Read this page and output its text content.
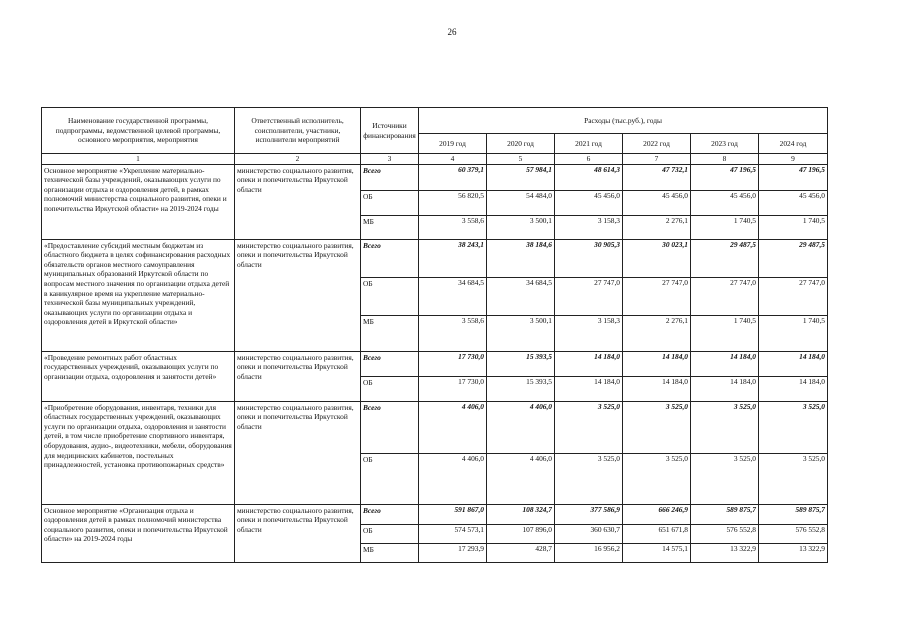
26
Наименование государственной программы, подпрограммы, ведомственной целевой программы, основного мероприятия, мероприятия	Ответственный исполнитель, соисполнители, участники, исполнители мероприятий	Источники финансирования	Расходы (тыс.руб.), годы					
			2019 год	2020 год	2021 год	2022 год	2023 год	2024 год
1	2	3	4	5	6	7	8	9
Основное мероприятие «Укрепление материально-технической базы учреждений, оказывающих услуги по организации отдыха и оздоровления детей, в рамках полномочий министерства социального развития, опеки и попечительства Иркутской области» на 2019-2024 годы	министерство социального развития, опеки и попечительства Иркутской области	Всего	60 379,1	57 984,1	48 614,3	47 732,1	47 196,5	47 196,5
		ОБ	56 820,5	54 484,0	45 456,0	45 456,0	45 456,0	45 456,0
		МБ	3 558,6	3 500,1	3 158,3	2 276,1	1 740,5	1 740,5
«Предоставление субсидий местным бюджетам из областного бюджета в целях софинансирования расходных обязательств органов местного самоуправления муниципальных образований Иркутской области по вопросам местного значения по организации отдыха детей в каникулярное время на укрепление материально-технической базы муниципальных учреждений, оказывающих услуги по организации отдыха и оздоровления детей в Иркутской области»	министерство социального развития, опеки и попечительства Иркутской области	Всего	38 243,1	38 184,6	30 905,3	30 023,1	29 487,5	29 487,5
		ОБ	34 684,5	34 684,5	27 747,0	27 747,0	27 747,0	27 747,0
		МБ	3 558,6	3 500,1	3 158,3	2 276,1	1 740,5	1 740,5
«Проведение ремонтных работ областных государственных учреждений, оказывающих услуги по организации отдыха, оздоровления и занятости детей»	министерство социального развития, опеки и попечительства Иркутской области	Всего	17 730,0	15 393,5	14 184,0	14 184,0	14 184,0	14 184,0
		ОБ	17 730,0	15 393,5	14 184,0	14 184,0	14 184,0	14 184,0
«Приобретение оборудования, инвентаря, техники для областных государственных учреждений, оказывающих услуги по организации отдыха, оздоровления и занятости детей, в том числе приобретение спортивного инвентаря, оборудования, аудио-, видеотехники, мебели, оборудования для медицинских кабинетов, постельных принадлежностей, установка противопожарных средств»	министерство социального развития, опеки и попечительства Иркутской области	Всего	4 406,0	4 406,0	3 525,0	3 525,0	3 525,0	3 525,0
		ОБ	4 406,0	4 406,0	3 525,0	3 525,0	3 525,0	3 525,0
Основное мероприятие «Организация отдыха и оздоровления детей в рамках полномочий министерства социального развития, опеки и попечительства Иркутской области» на 2019-2024 годы	министерство социального развития, опеки и попечительства Иркутской области	Всего	591 867,0	108 324,7	377 586,9	666 246,9	589 875,7	589 875,7
		ОБ	574 573,1	107 896,0	360 630,7	651 671,8	576 552,8	576 552,8
		МБ	17 293,9	428,7	16 956,2	14 575,1	13 322,9	13 322,9
